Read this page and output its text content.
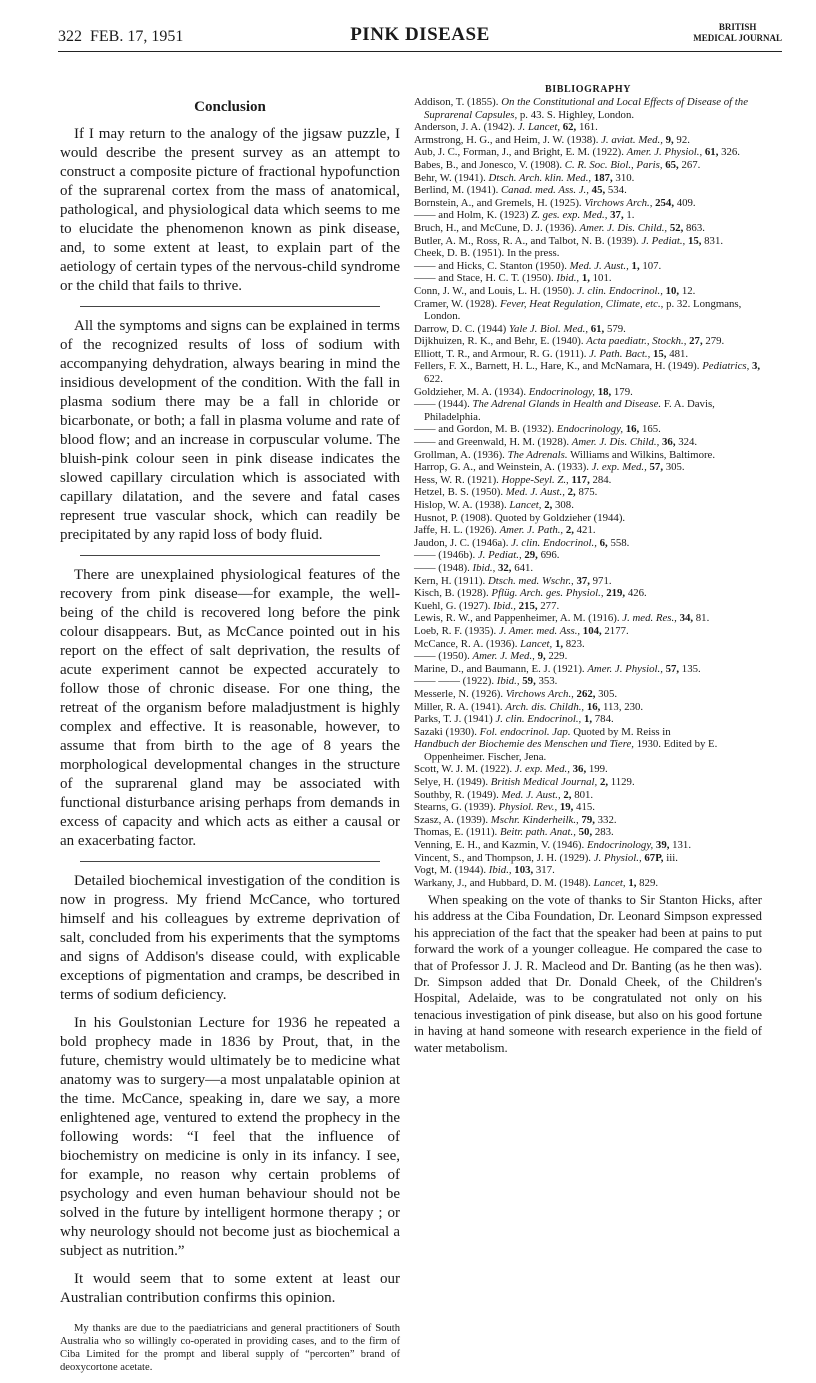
322 FEB. 17, 1951	PINK DISEASE	BRITISH
MEDICAL JOURNAL
Conclusion

If I may return to the analogy of the jigsaw puzzle, I would describe the present survey as an attempt to construct a composite picture of fractional hypofunction of the suprarenal cortex from the mass of anatomical, pathological, and physiological data which seems to me to elucidate the phenomenon known as pink disease, and, to some extent at least, to explain part of the aetiology of certain types of the nervous-child syndrome or the child that fails to thrive.

All the symptoms and signs can be explained in terms of the recognized results of loss of sodium with accompanying dehydration, always bearing in mind the insidious development of the condition. With the fall in plasma sodium there may be a fall in chloride or bicarbonate, or both; a fall in plasma volume and rate of blood flow; and an increase in corpuscular volume. The bluish-pink colour seen in pink disease indicates the slowed capillary circulation which is associated with capillary dilatation, and the severe and fatal cases represent true vascular shock, which can readily be precipitated by any rapid loss of body fluid.

There are unexplained physiological features of the recovery from pink disease—for example, the well-being of the child is recovered long before the pink colour disappears. But, as McCance pointed out in his report on the effect of salt deprivation, the results of acute experiment cannot be expected accurately to follow those of chronic disease. For one thing, the retreat of the organism before maladjustment is highly complex and effective. It is reasonable, however, to assume that from birth to the age of 8 years the morphological developmental changes in the structure of the suprarenal gland may be associated with functional disturbance arising perhaps from demands in excess of capacity and which acts as either a causal or an exacerbating factor.

Detailed biochemical investigation of the condition is now in progress. My friend McCance, who tortured himself and his colleagues by extreme deprivation of salt, concluded from his experiments that the symptoms and signs of Addison's disease could, with explicable exceptions of pigmentation and cramps, be described in terms of sodium deficiency.

In his Goulstonian Lecture for 1936 he repeated a bold prophecy made in 1836 by Prout, that, in the future, chemistry would ultimately be to medicine what anatomy was to surgery—a most unpalatable opinion at the time. McCance, speaking in, dare we say, a more enlightened age, ventured to extend the prophecy in the following words: “I feel that the influence of biochemistry on medicine is only in its infancy. I see, for example, no reason why certain problems of psychology and even human behaviour should not be solved in the future by intelligent hormone therapy ; or why neurology should not become just as biochemical a subject as nutrition.”

It would seem that to some extent at least our Australian contribution confirms this opinion.

My thanks are due to the paediatricians and general practitioners of South Australia who so willingly co-operated in providing cases, and to the firm of Ciba Limited for the prompt and liberal supply of “percorten” brand of deoxycortone acetate.

BIBLIOGRAPHY
Addison, T. (1855). On the Constitutional and Local Effects of Disease of the Suprarenal Capsules, p. 43. S. Highley, London.
Anderson, J. A. (1942). J. Lancet, 62, 161.
Armstrong, H. G., and Heim, J. W. (1938). J. aviat. Med., 9, 92.
Aub, J. C., Forman, J., and Bright, E. M. (1922). Amer. J. Physiol., 61, 326.
Babes, B., and Jonesco, V. (1908). C. R. Soc. Biol., Paris, 65, 267.
Behr, W. (1941). Dtsch. Arch. klin. Med., 187, 310.
Berlind, M. (1941). Canad. med. Ass. J., 45, 534.
Bornstein, A., and Gremels, H. (1925). Virchows Arch., 254, 409.
—— and Holm, K. (1923) Z. ges. exp. Med., 37, 1.
Bruch, H., and McCune, D. J. (1936). Amer. J. Dis. Child., 52, 863.
Butler, A. M., Ross, R. A., and Talbot, N. B. (1939). J. Pediat., 15, 831.
Cheek, D. B. (1951). In the press.
—— and Hicks, C. Stanton (1950). Med. J. Aust., 1, 107.
—— and Stace, H. C. T. (1950). Ibid., 1, 101.
Conn, J. W., and Louis, L. H. (1950). J. clin. Endocrinol., 10, 12.
Cramer, W. (1928). Fever, Heat Regulation, Climate, etc., p. 32. Longmans, London.
Darrow, D. C. (1944) Yale J. Biol. Med., 61, 579.
Dijkhuizen, R. K., and Behr, E. (1940). Acta paediatr., Stockh., 27, 279.
Elliott, T. R., and Armour, R. G. (1911). J. Path. Bact., 15, 481.
Fellers, F. X., Barnett, H. L., Hare, K., and McNamara, H. (1949). Pediatrics, 3, 622.
Goldzieher, M. A. (1934). Endocrinology, 18, 179.
—— (1944). The Adrenal Glands in Health and Disease. F. A. Davis, Philadelphia.
—— and Gordon, M. B. (1932). Endocrinology, 16, 165.
—— and Greenwald, H. M. (1928). Amer. J. Dis. Child., 36, 324.
Grollman, A. (1936). The Adrenals. Williams and Wilkins, Baltimore.
Harrop, G. A., and Weinstein, A. (1933). J. exp. Med., 57, 305.
Hess, W. R. (1921). Hoppe-Seyl. Z., 117, 284.
Hetzel, B. S. (1950). Med. J. Aust., 2, 875.
Hislop, W. A. (1938). Lancet, 2, 308.
Husnot, P. (1908). Quoted by Goldzieher (1944).
Jaffe, H. L. (1926). Amer. J. Path., 2, 421.
Jaudon, J. C. (1946a). J. clin. Endocrinol., 6, 558.
—— (1946b). J. Pediat., 29, 696.
—— (1948). Ibid., 32, 641.
Kern, H. (1911). Dtsch. med. Wschr., 37, 971.
Kisch, B. (1928). Pflüg. Arch. ges. Physiol., 219, 426.
Kuehl, G. (1927). Ibid., 215, 277.
Lewis, R. W., and Pappenheimer, A. M. (1916). J. med. Res., 34, 81.
Loeb, R. F. (1935). J. Amer. med. Ass., 104, 2177.
McCance, R. A. (1936). Lancet, 1, 823.
—— (1950). Amer. J. Med., 9, 229.
Marine, D., and Baumann, E. J. (1921). Amer. J. Physiol., 57, 135.
—— —— (1922). Ibid., 59, 353.
Messerle, N. (1926). Virchows Arch., 262, 305.
Miller, R. A. (1941). Arch. dis. Childh., 16, 113, 230.
Parks, T. J. (1941) J. clin. Endocrinol., 1, 784.
Sazaki (1930). Fol. endocrinol. Jap. Quoted by M. Reiss in
Handbuch der Biochemie des Menschen und Tiere, 1930. Edited by E. Oppenheimer. Fischer, Jena.
Scott, W. J. M. (1922). J. exp. Med., 36, 199.
Selye, H. (1949). British Medical Journal, 2, 1129.
Southby, R. (1949). Med. J. Aust., 2, 801.
Stearns, G. (1939). Physiol. Rev., 19, 415.
Szasz, A. (1939). Mschr. Kinderheilk., 79, 332.
Thomas, E. (1911). Beitr. path. Anat., 50, 283.
Venning, E. H., and Kazmin, V. (1946). Endocrinology, 39, 131.
Vincent, S., and Thompson, J. H. (1929). J. Physiol., 67P, iii.
Vogt, M. (1944). Ibid., 103, 317.
Warkany, J., and Hubbard, D. M. (1948). Lancet, 1, 829.

When speaking on the vote of thanks to Sir Stanton Hicks, after his address at the Ciba Foundation, Dr. Leonard Simpson expressed his appreciation of the fact that the speaker had been at pains to put forward the work of a younger colleague. He compared the case to that of Professor J. J. R. Macleod and Dr. Banting (as he then was). Dr. Simpson added that Dr. Donald Cheek, of the Children's Hospital, Adelaide, was to be congratulated not only on his tenacious investigation of pink disease, but also on his good fortune in having at hand someone with research experience in the field of water metabolism.
